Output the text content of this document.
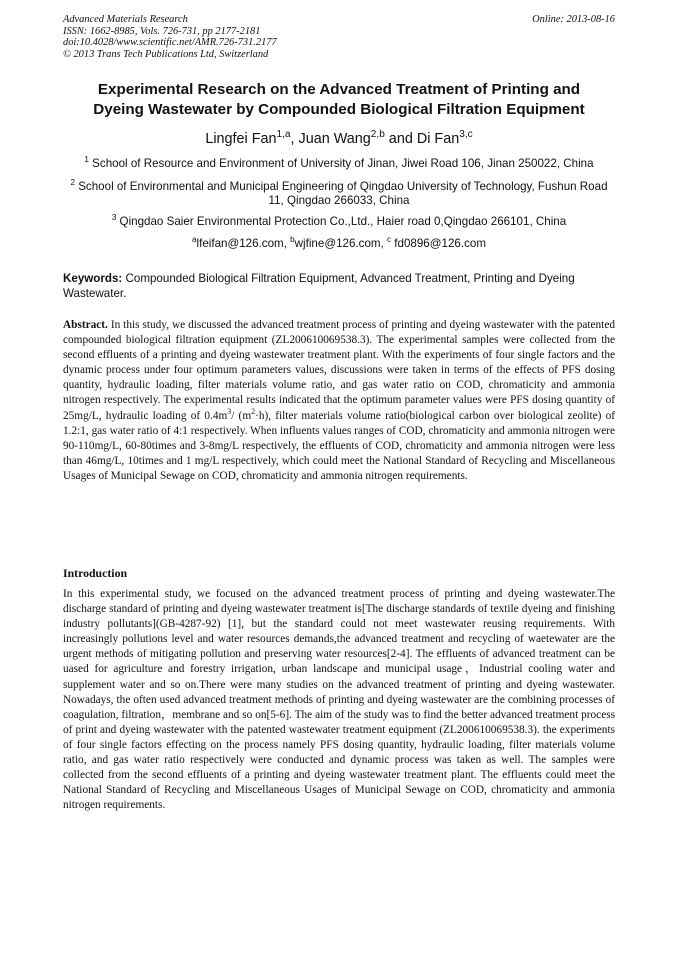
Advanced Materials Research
ISSN: 1662-8985, Vols. 726-731, pp 2177-2181
doi:10.4028/www.scientific.net/AMR.726-731.2177
© 2013 Trans Tech Publications Ltd, Switzerland
Online: 2013-08-16
Experimental Research on the Advanced Treatment of Printing and
Dyeing Wastewater by Compounded Biological Filtration Equipment
Lingfei Fan$^{1,a}$, Juan Wang$^{2,b}$ and Di Fan$^{3,c}$
$^1$ School of Resource and Environment of University of Jinan, Jiwei Road 106, Jinan 250022, China
$^2$ School of Environmental and Municipal Engineering of Qingdao University of Technology, Fushun Road 11, Qingdao 266033, China
$^3$ Qingdao Saier Environmental Protection Co.,Ltd., Haier road 0,Qingdao 266101, China
$^a$lfeifan@126.com, $^b$wjfine@126.com, $^c$ fd0896@126.com
Keywords: Compounded Biological Filtration Equipment, Advanced Treatment, Printing and Dyeing Wastewater.
Abstract. In this study, we discussed the advanced treatment process of printing and dyeing wastewater with the patented compounded biological filtration equipment (ZL200610069538.3). The experimental samples were collected from the second effluents of a printing and dyeing wastewater treatment plant. With the experiments of four single factors and the dynamic process under four optimum parameters values, discussions were taken in terms of the effects of PFS dosing quantity, hydraulic loading, filter materials volume ratio, and gas water ratio on COD, chromaticity and ammonia nitrogen respectively. The experimental results indicated that the optimum parameter values were PFS dosing quantity of 25mg/L, hydraulic loading of $0.4m^3/$ $(m^2\cdot h)$, filter materials volume ratio(biological carbon over biological zeolite) of 1.2:1, gas water ratio of 4:1 respectively. When influents values ranges of COD, chromaticity and ammonia nitrogen were 90-110mg/L, 60-80times and 3-8mg/L respectively, the effluents of COD, chromaticity and ammonia nitrogen were less than 46mg/L, 10times and 1 mg/L respectively, which could meet the National Standard of Recycling and Miscellaneous Usages of Municipal Sewage on COD, chromaticity and ammonia nitrogen requirements.
Introduction
In this experimental study, we focused on the advanced treatment process of printing and dyeing wastewater.The discharge standard of printing and dyeing wastewater treatment is[The discharge standards of textile dyeing and finishing industry pollutants](GB-4287-92) [1], but the standard could not meet wastewater reusing requirements. With increasingly pollutions level and water resources demands,the advanced treatment and recycling of waetewater are the urgent methods of mitigating pollution and preserving water resources[2-4]. The effluents of advanced treatment can be uased for agriculture and forestry irrigation, urban landscape and municipal usage，Industrial cooling water and supplement water and so on.There were many studies on the advanced treatment of printing and dyeing wastewater. Nowadays, the often used advanced treatment methods of printing and dyeing wastewater are the combining processes of coagulation, filtration，membrane and so on[5-6]. The aim of the study was to find the better advanced treatment process of print and dyeing wastewater with the patented wastewater treatment equipment (ZL200610069538.3). the experiments of four single factors effecting on the process namely PFS dosing quantity, hydraulic loading, filter materials volume ratio, and gas water ratio respectively were conducted and dynamic process was taken as well. The samples were collected from the second effluents of a printing and dyeing wastewater treatment plant. The effluents could meet the National Standard of Recycling and Miscellaneous Usages of Municipal Sewage on COD, chromaticity and ammonia nitrogen requirements.
